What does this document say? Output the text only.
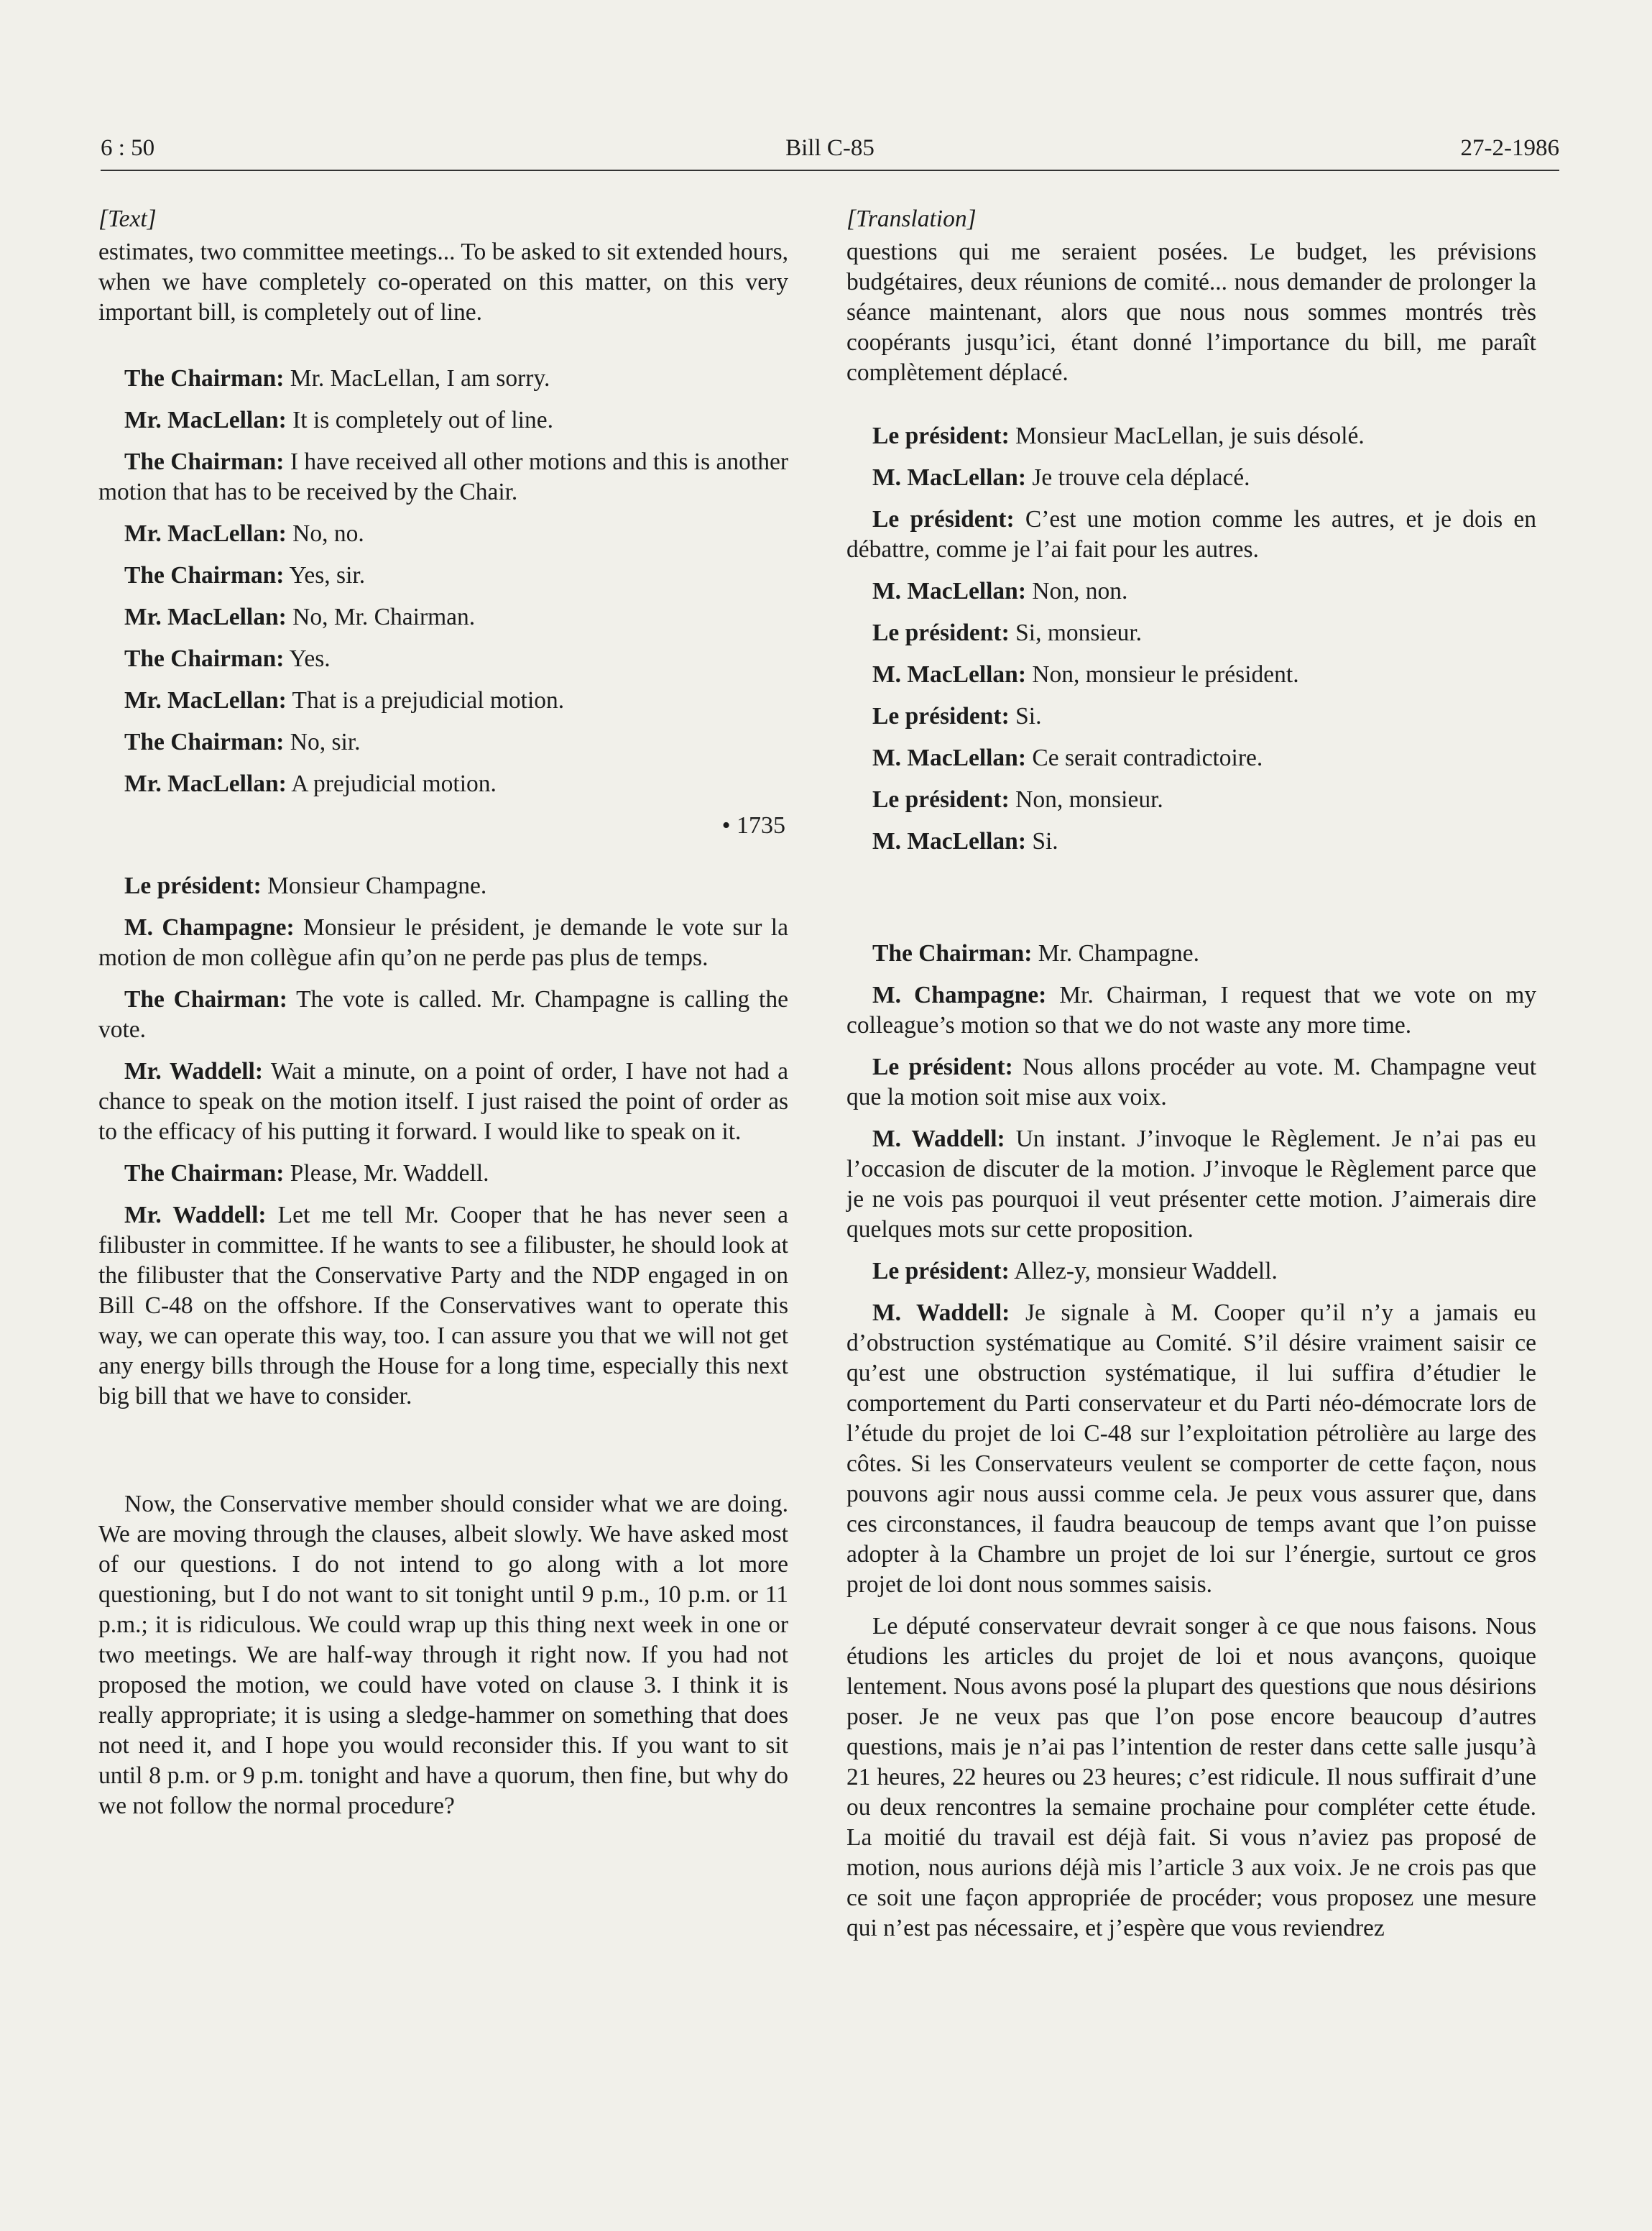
6 : 50	Bill C-85	27-2-1986
[Text]

estimates, two committee meetings... To be asked to sit extended hours, when we have completely co-operated on this matter, on this very important bill, is completely out of line.

The Chairman: Mr. MacLellan, I am sorry.

Mr. MacLellan: It is completely out of line.

The Chairman: I have received all other motions and this is another motion that has to be received by the Chair.

Mr. MacLellan: No, no.

The Chairman: Yes, sir.

Mr. MacLellan: No, Mr. Chairman.

The Chairman: Yes.

Mr. MacLellan: That is a prejudicial motion.

The Chairman: No, sir.

Mr. MacLellan: A prejudicial motion.

• 1735

Le président: Monsieur Champagne.

M. Champagne: Monsieur le président, je demande le vote sur la motion de mon collègue afin qu’on ne perde pas plus de temps.

The Chairman: The vote is called. Mr. Champagne is calling the vote.

Mr. Waddell: Wait a minute, on a point of order, I have not had a chance to speak on the motion itself. I just raised the point of order as to the efficacy of his putting it forward. I would like to speak on it.

The Chairman: Please, Mr. Waddell.

Mr. Waddell: Let me tell Mr. Cooper that he has never seen a filibuster in committee. If he wants to see a filibuster, he should look at the filibuster that the Conservative Party and the NDP engaged in on Bill C-48 on the offshore. If the Conservatives want to operate this way, we can operate this way, too. I can assure you that we will not get any energy bills through the House for a long time, especially this next big bill that we have to consider.

Now, the Conservative member should consider what we are doing. We are moving through the clauses, albeit slowly. We have asked most of our questions. I do not intend to go along with a lot more questioning, but I do not want to sit tonight until 9 p.m., 10 p.m. or 11 p.m.; it is ridiculous. We could wrap up this thing next week in one or two meetings. We are half-way through it right now. If you had not proposed the motion, we could have voted on clause 3. I think it is really appropriate; it is using a sledge-hammer on something that does not need it, and I hope you would reconsider this. If you want to sit until 8 p.m. or 9 p.m. tonight and have a quorum, then fine, but why do we not follow the normal procedure?

[Translation]

questions qui me seraient posées. Le budget, les prévisions budgétaires, deux réunions de comité... nous demander de prolonger la séance maintenant, alors que nous nous sommes montrés très coopérants jusqu’ici, étant donné l’importance du bill, me paraît complètement déplacé.

Le président: Monsieur MacLellan, je suis désolé.

M. MacLellan: Je trouve cela déplacé.

Le président: C’est une motion comme les autres, et je dois en débattre, comme je l’ai fait pour les autres.

M. MacLellan: Non, non.

Le président: Si, monsieur.

M. MacLellan: Non, monsieur le président.

Le président: Si.

M. MacLellan: Ce serait contradictoire.

Le président: Non, monsieur.

M. MacLellan: Si.

The Chairman: Mr. Champagne.

M. Champagne: Mr. Chairman, I request that we vote on my colleague’s motion so that we do not waste any more time.

Le président: Nous allons procéder au vote. M. Champagne veut que la motion soit mise aux voix.

M. Waddell: Un instant. J’invoque le Règlement. Je n’ai pas eu l’occasion de discuter de la motion. J’invoque le Règlement parce que je ne vois pas pourquoi il veut présenter cette motion. J’aimerais dire quelques mots sur cette proposition.

Le président: Allez-y, monsieur Waddell.

M. Waddell: Je signale à M. Cooper qu’il n’y a jamais eu d’obstruction systématique au Comité. S’il désire vraiment saisir ce qu’est une obstruction systématique, il lui suffira d’étudier le comportement du Parti conservateur et du Parti néo-démocrate lors de l’étude du projet de loi C-48 sur l’exploitation pétrolière au large des côtes. Si les Conservateurs veulent se comporter de cette façon, nous pouvons agir nous aussi comme cela. Je peux vous assurer que, dans ces circonstances, il faudra beaucoup de temps avant que l’on puisse adopter à la Chambre un projet de loi sur l’énergie, surtout ce gros projet de loi dont nous sommes saisis.

Le député conservateur devrait songer à ce que nous faisons. Nous étudions les articles du projet de loi et nous avançons, quoique lentement. Nous avons posé la plupart des questions que nous désirions poser. Je ne veux pas que l’on pose encore beaucoup d’autres questions, mais je n’ai pas l’intention de rester dans cette salle jusqu’à 21 heures, 22 heures ou 23 heures; c’est ridicule. Il nous suffirait d’une ou deux rencontres la semaine prochaine pour compléter cette étude. La moitié du travail est déjà fait. Si vous n’aviez pas proposé de motion, nous aurions déjà mis l’article 3 aux voix. Je ne crois pas que ce soit une façon appropriée de procéder; vous proposez une mesure qui n’est pas nécessaire, et j’espère que vous reviendrez
